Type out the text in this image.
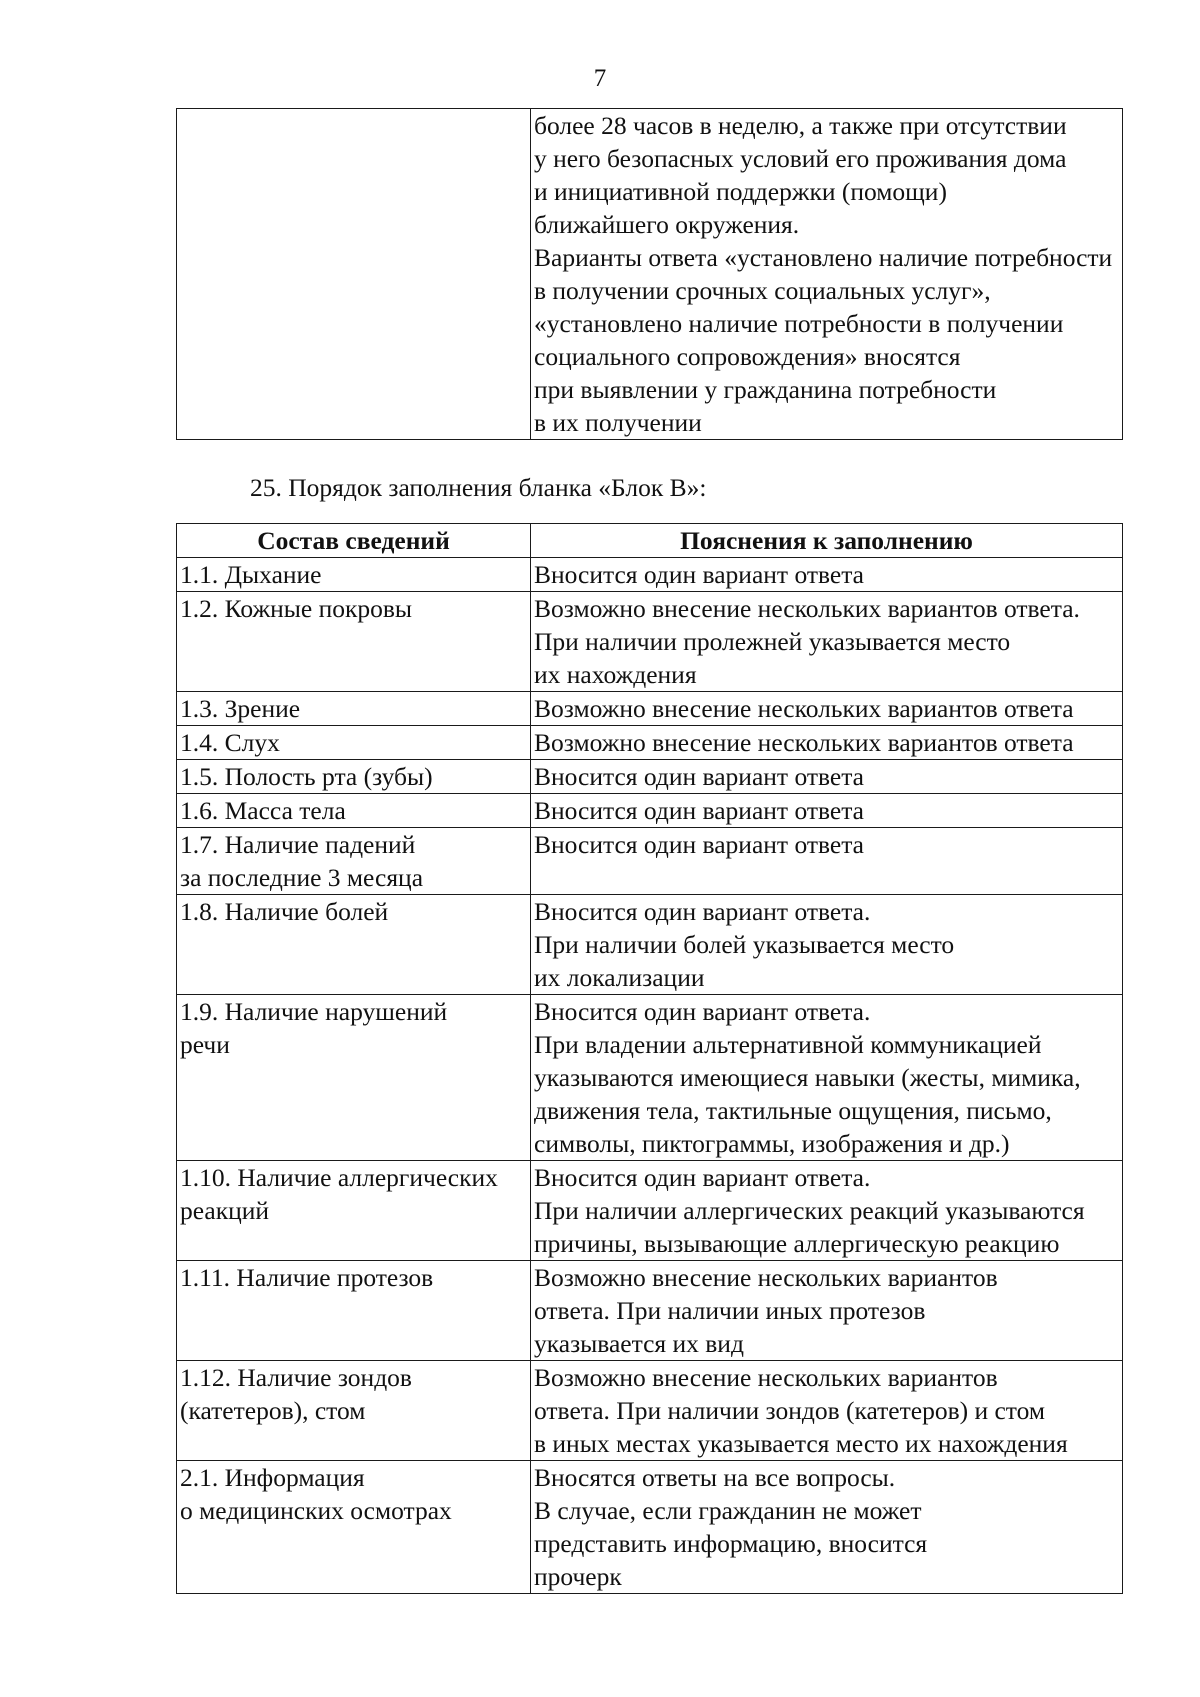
7

более 28 часов в неделю, а также при отсутствии
у него безопасных условий его проживания дома
и инициативной поддержки (помощи)
ближайшего окружения.
Варианты ответа «установлено наличие потребности
в получении срочных социальных услуг»,
«установлено наличие потребности в получении
социального сопровождения» вносятся
при выявлении у гражданина потребности
в их получении
25. Порядок заполнения бланка «Блок В»:
Состав сведений	Пояснения к заполнению

1.1. Дыхание	Вносится один вариант ответа

1.2. Кожные покровы	Возможно внесение нескольких вариантов ответа.
При наличии пролежней указывается место
их нахождения

1.3. Зрение	Возможно внесение нескольких вариантов ответа

1.4. Слух	Возможно внесение нескольких вариантов ответа

1.5. Полость рта (зубы)	Вносится один вариант ответа

1.6. Масса тела	Вносится один вариант ответа

1.7. Наличие падений
за последние 3 месяца	Вносится один вариант ответа

1.8. Наличие болей	Вносится один вариант ответа.
При наличии болей указывается место
их локализации

1.9. Наличие нарушений
речи	Вносится один вариант ответа.
При владении альтернативной коммуникацией
указываются имеющиеся навыки (жесты, мимика,
движения тела, тактильные ощущения, письмо,
символы, пиктограммы, изображения и др.)

1.10. Наличие аллергических
реакций	Вносится один вариант ответа.
При наличии аллергических реакций указываются
причины, вызывающие аллергическую реакцию

1.11. Наличие протезов	Возможно внесение нескольких вариантов
ответа. При наличии иных протезов
указывается их вид

1.12. Наличие зондов
(катетеров), стом	Возможно внесение нескольких вариантов
ответа. При наличии зондов (катетеров) и стом
в иных местах указывается место их нахождения

2.1. Информация
о медицинских осмотрах	Вносятся ответы на все вопросы.
В случае, если гражданин не может
представить информацию, вносится
прочерк
